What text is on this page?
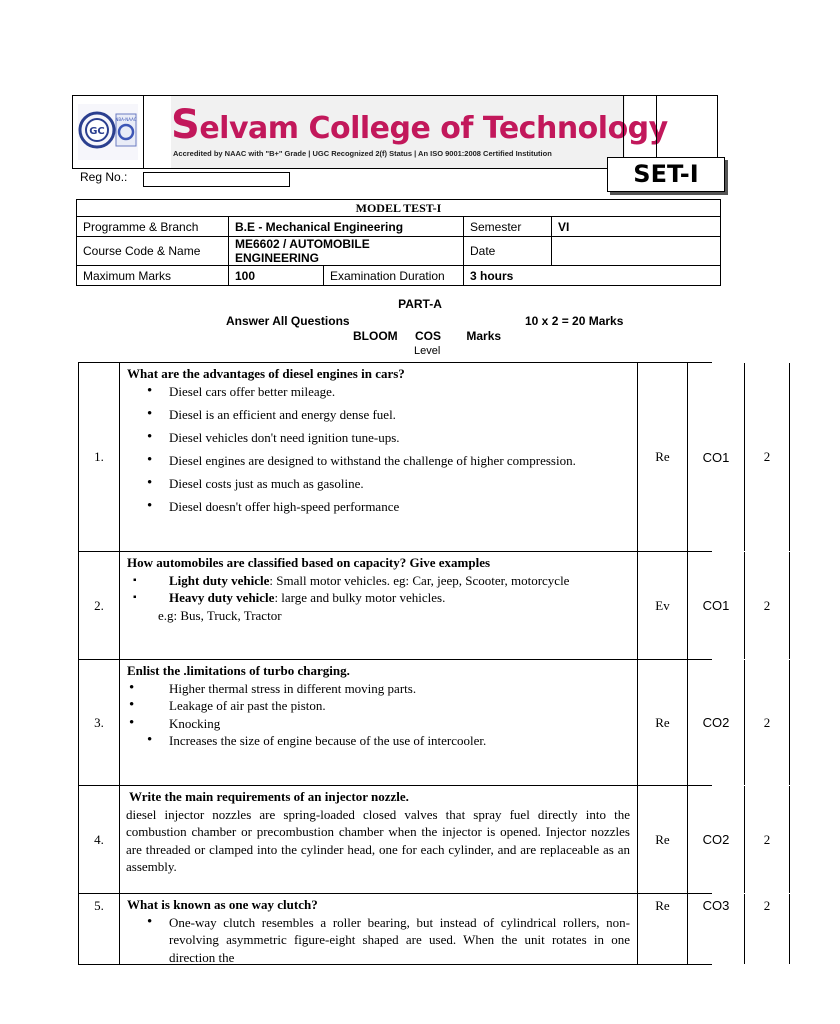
GC
NBA-NAAC Selvam College of Technology
Accredited by NAAC with "B+" Grade | UGC Recognized 2(f) Status | An ISO 9001:2008 Certified Institution
Reg No.:	SET-I
MODEL TEST-I				
Programme & Branch	B.E - Mechanical Engineering		Semester	VI
Course Code & Name	ME6602 / AUTOMOBILE ENGINEERING		Date	
Maximum Marks	100	Examination Duration	3 hours	
PART-A
Answer All Questions	10 x 2 = 20 Marks
BLOOM COS Marks
Level
1.
What are the advantages of diesel engines in cars?
• Diesel cars offer better mileage.
• Diesel is an efficient and energy dense fuel.
• Diesel vehicles don't need ignition tune-ups.
• Diesel engines are designed to withstand the challenge of higher compression.
• Diesel costs just as much as gasoline.
• Diesel doesn't offer high-speed performance
Re	CO1	2
2.
How automobiles are classified based on capacity? Give examples
▪ Light duty vehicle: Small motor vehicles. eg: Car, jeep, Scooter, motorcycle
▪ Heavy duty vehicle: large and bulky motor vehicles.
e.g: Bus, Truck, Tractor
Ev	CO1	2
3.
Enlist the .limitations of turbo charging.
• Higher thermal stress in different moving parts.
• Leakage of air past the piston.
• Knocking
• Increases the size of engine because of the use of intercooler.
Re	CO2	2
4.
Write the main requirements of an injector nozzle.
diesel injector nozzles are spring-loaded closed valves that spray fuel directly into the combustion chamber or precombustion chamber when the injector is opened. Injector nozzles are threaded or clamped into the cylinder head, one for each cylinder, and are replaceable as an assembly.
Re	CO2	2
5.	What is known as one way clutch?
• One-way clutch resembles a roller bearing, but instead of cylindrical rollers, non-revolving asymmetric figure-eight shaped are used. When the unit rotates in one direction the
Re	CO3	2
